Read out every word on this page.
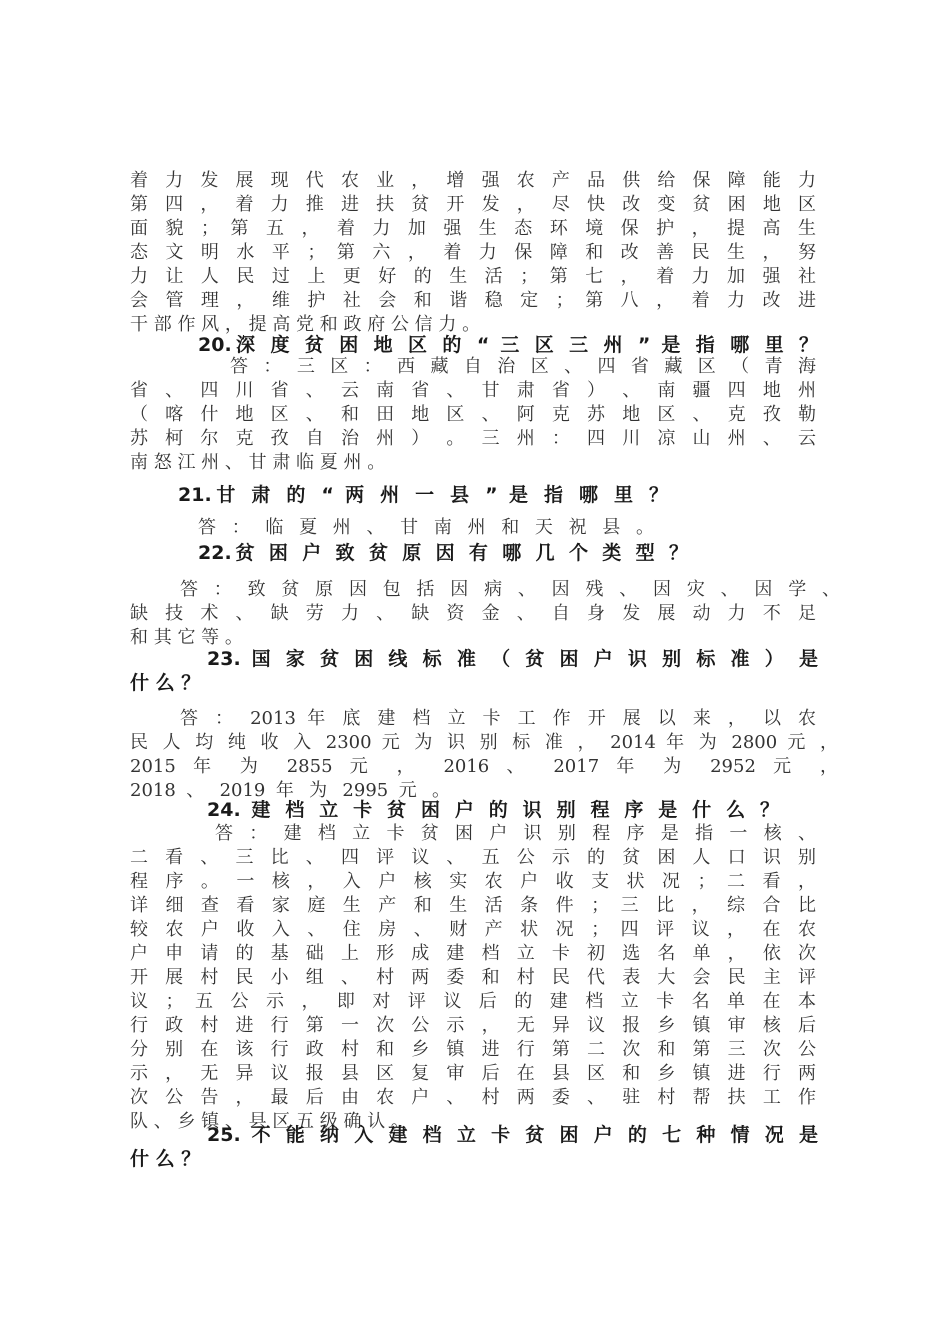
着 力 发 展 现 代 农 业 ， 增 强 农 产 品 供 给 保 障 能 力
第 四 ， 着 力 推 进 扶 贫 开 发 ， 尽 快 改 变 贫 困 地 区
面 貌 ； 第 五 ， 着 力 加 强 生 态 环 境 保 护 ， 提 高 生
态 文 明 水 平 ； 第 六 ， 着 力 保 障 和 改 善 民 生 ， 努
力 让 人 民 过 上 更 好 的 生 活 ； 第 七 ， 着 力 加 强 社
会 管 理 ， 维 护 社 会 和 谐 稳 定 ； 第 八 ， 着 力 改 进
干 部 作 风 ， 提 高 党 和 政 府 公 信 力 。
20.深 度 贫 困 地 区 的 “ 三 区 三 州 ” 是 指 哪 里 ？
答 ： 三 区 ： 西 藏 自 治 区 、 四 省 藏 区 （ 青 海
省 、 四 川 省 、 云 南 省 、 甘 肃 省 ） 、 南 疆 四 地 州
（ 喀 什 地 区 、 和 田 地 区 、 阿 克 苏 地 区 、 克 孜 勒
苏 柯 尔 克 孜 自 治 州 ） 。 三 州 ： 四 川 凉 山 州 、 云
南 怒 江 州 、 甘 肃 临 夏 州 。
21.甘 肃 的 “ 两 州 一 县 ” 是 指 哪 里 ？
答 ： 临 夏 州 、 甘 南 州 和 天 祝 县 。
22.贫 困 户 致 贫 原 因 有 哪 几 个 类 型 ？
答 ： 致 贫 原 因 包 括 因 病 、 因 残 、 因 灾 、 因 学 、
缺 技 术 、 缺 劳 力 、 缺 资 金 、 自 身 发 展 动 力 不 足
和 其 它 等 。
23. 国 家 贫 困 线 标 准 （ 贫 困 户 识 别 标 准 ） 是
什 么 ？
答 ： 2013 年 底 建 档 立 卡 工 作 开 展 以 来 ， 以 农
民 人 均 纯 收 入 2300 元 为 识 别 标 准 ， 2014 年 为 2800 元 ，
2015 年 为 2855 元 ， 2016 、 2017 年 为 2952 元 ，
2018 、 2019 年 为 2995 元 。
24. 建 档 立 卡 贫 困 户 的 识 别 程 序 是 什 么 ？
答 ： 建 档 立 卡 贫 困 户 识 别 程 序 是 指 一 核 、
二 看 、 三 比 、 四 评 议 、 五 公 示 的 贫 困 人 口 识 别
程 序 。 一 核 ， 入 户 核 实 农 户 收 支 状 况 ； 二 看 ，
详 细 查 看 家 庭 生 产 和 生 活 条 件 ； 三 比 ， 综 合 比
较 农 户 收 入 、 住 房 、 财 产 状 况 ； 四 评 议 ， 在 农
户 申 请 的 基 础 上 形 成 建 档 立 卡 初 选 名 单 ， 依 次
开 展 村 民 小 组 、 村 两 委 和 村 民 代 表 大 会 民 主 评
议 ； 五 公 示 ， 即 对 评 议 后 的 建 档 立 卡 名 单 在 本
行 政 村 进 行 第 一 次 公 示 ， 无 异 议 报 乡 镇 审 核 后
分 别 在 该 行 政 村 和 乡 镇 进 行 第 二 次 和 第 三 次 公
示 ， 无 异 议 报 县 区 复 审 后 在 县 区 和 乡 镇 进 行 两
次 公 告 ， 最 后 由 农 户 、 村 两 委 、 驻 村 帮 扶 工 作
队 、 乡 镇 、 县 区 五 级 确 认 。
25. 不 能 纳 入 建 档 立 卡 贫 困 户 的 七 种 情 况 是
什 么 ？
